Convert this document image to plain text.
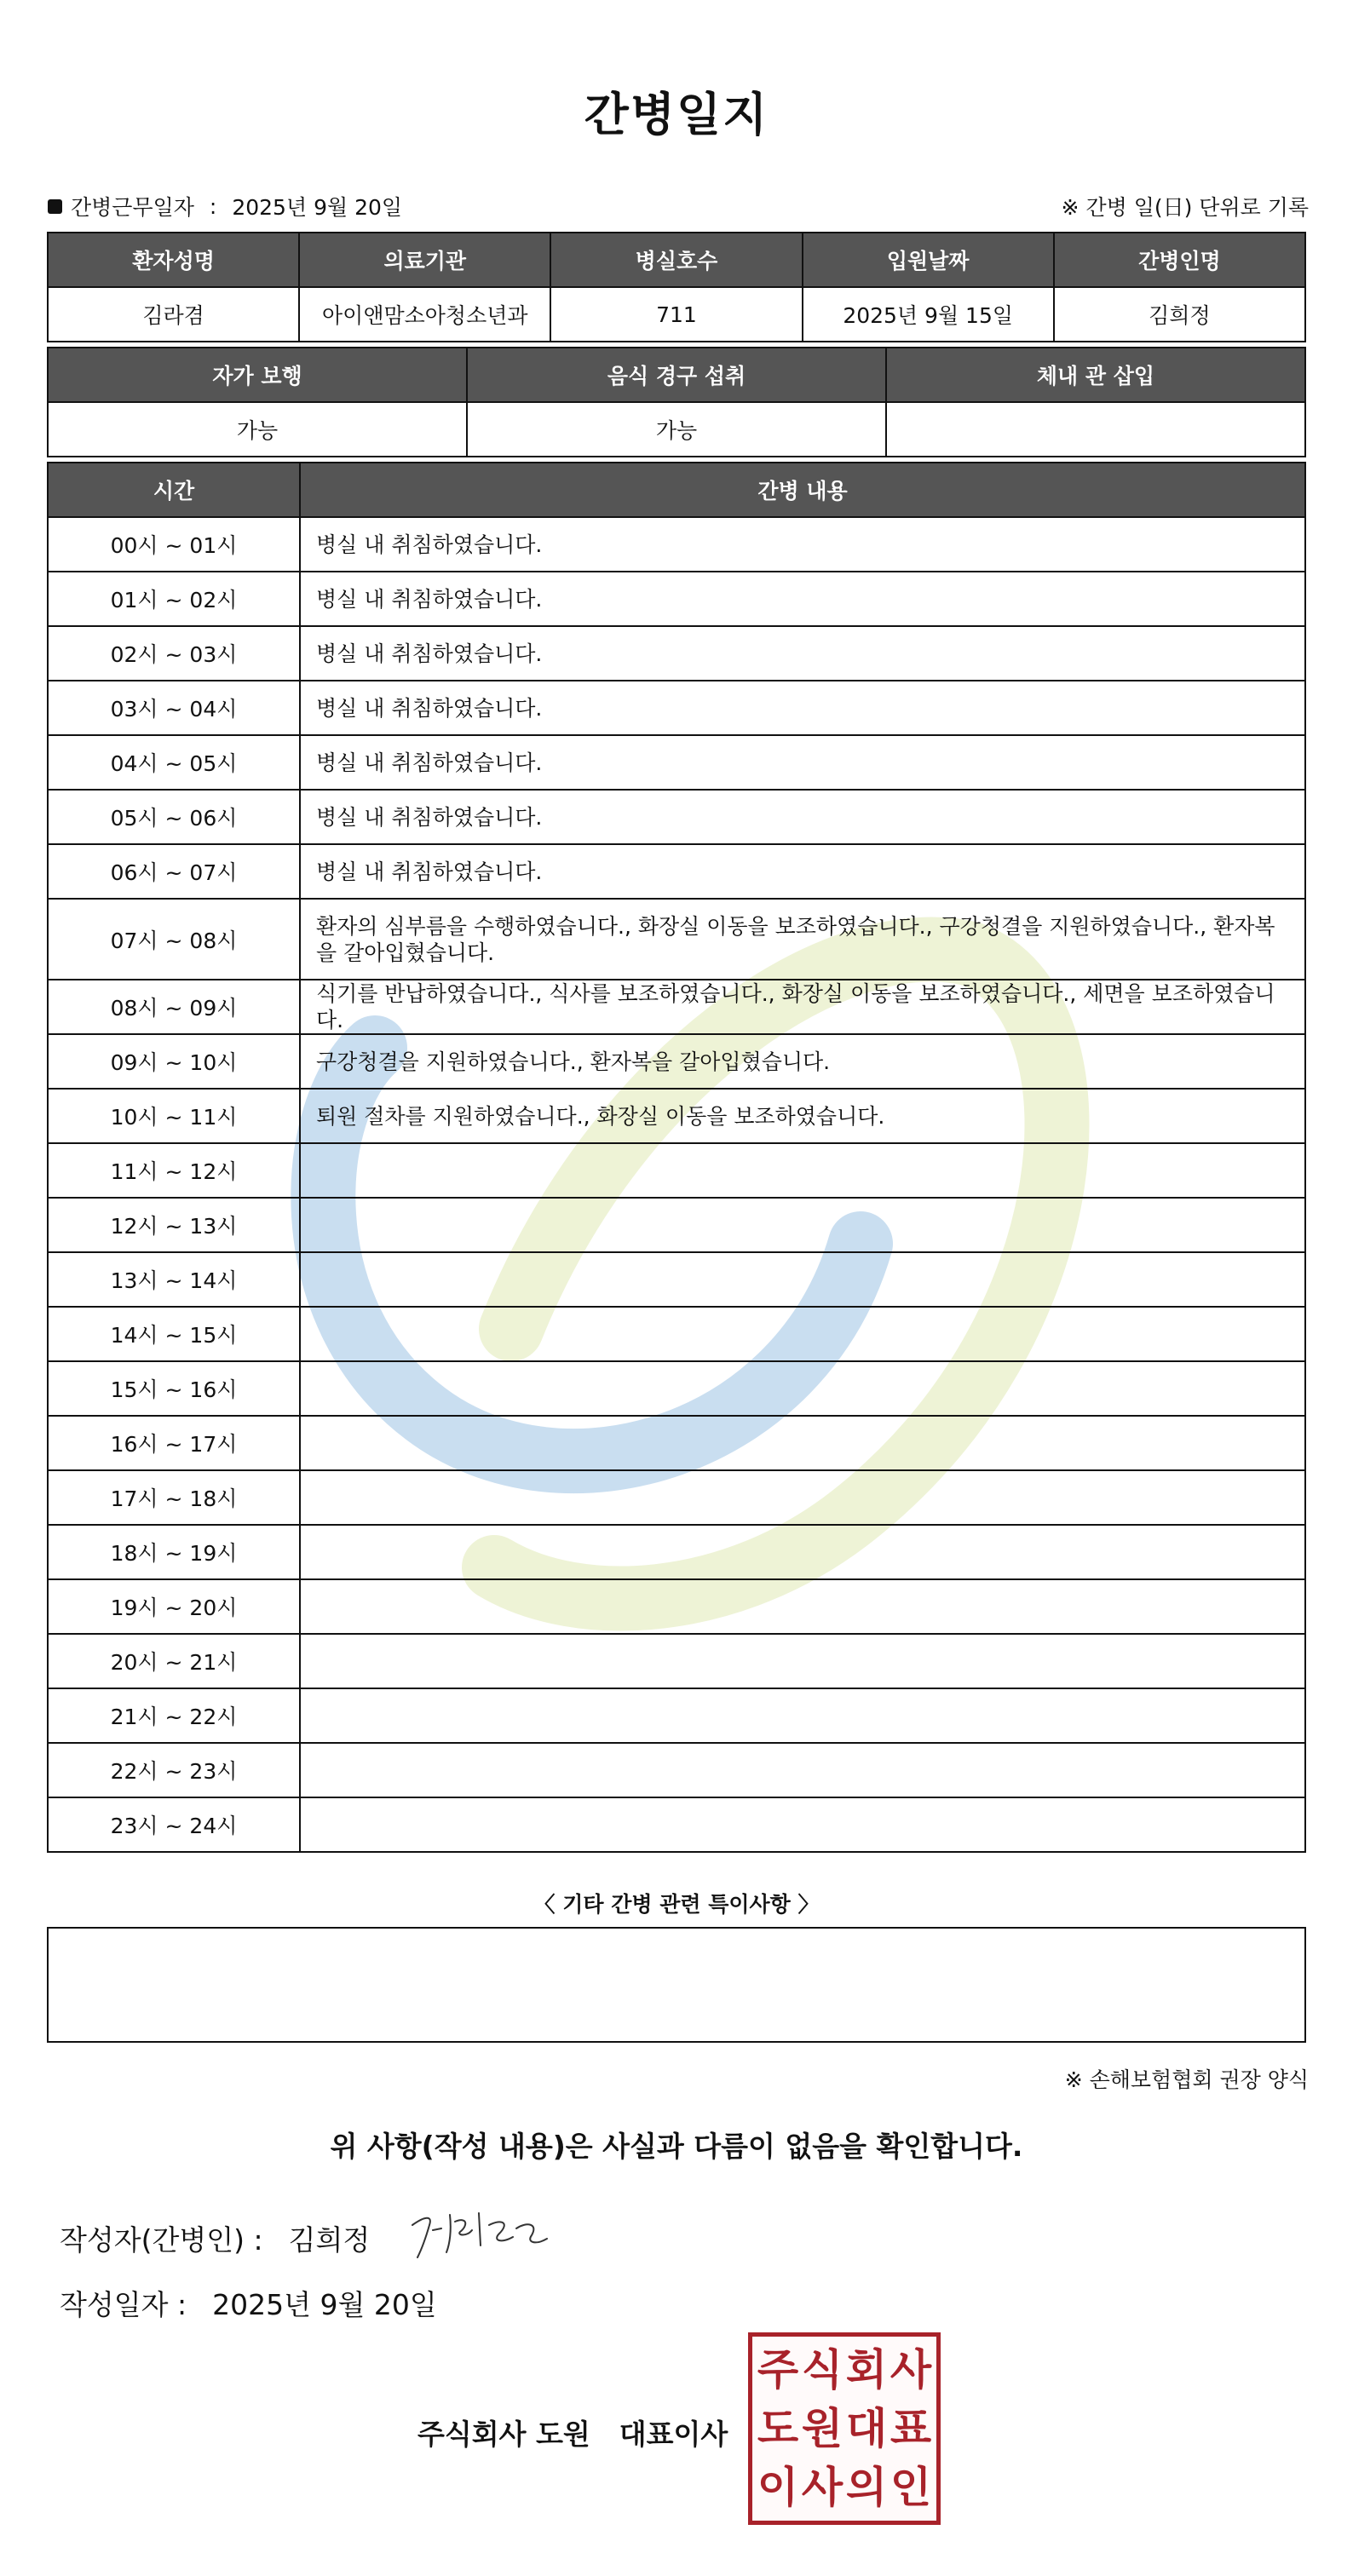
간병일지
간병근무일자 : 2025년 9월 20일	※ 간병 일(日) 단위로 기록
환자성명	의료기관	병실호수	입원날짜	간병인명
김라겸	아이앤맘소아청소년과	711	2025년 9월 15일	김희정
자가 보행	음식 경구 섭취	체내 관 삽입
가능	가능	
시간	간병 내용
00시 ~ 01시	병실 내 취침하였습니다.
01시 ~ 02시	병실 내 취침하였습니다.
02시 ~ 03시	병실 내 취침하였습니다.
03시 ~ 04시	병실 내 취침하였습니다.
04시 ~ 05시	병실 내 취침하였습니다.
05시 ~ 06시	병실 내 취침하였습니다.
06시 ~ 07시	병실 내 취침하였습니다.
07시 ~ 08시	환자의 심부름을 수행하였습니다., 화장실 이동을 보조하였습니다., 구강청결을 지원하였습니다., 환자복을 갈아입혔습니다.
08시 ~ 09시	식기를 반납하였습니다., 식사를 보조하였습니다., 화장실 이동을 보조하였습니다., 세면을 보조하였습니다.
09시 ~ 10시	구강청결을 지원하였습니다., 환자복을 갈아입혔습니다.
10시 ~ 11시	퇴원 절차를 지원하였습니다., 화장실 이동을 보조하였습니다.
11시 ~ 12시	
12시 ~ 13시	
13시 ~ 14시	
14시 ~ 15시	
15시 ~ 16시	
16시 ~ 17시	
17시 ~ 18시	
18시 ~ 19시	
19시 ~ 20시	
20시 ~ 21시	
21시 ~ 22시	
22시 ~ 23시	
23시 ~ 24시	
〈 기타 간병 관련 특이사항 〉
※ 손해보험협회 권장 양식
위 사항(작성 내용)은 사실과 다름이 없음을 확인합니다.
작성자(간병인) : 김희정
작성일자 : 2025년 9월 20일
주식회사 도원 대표이사
주 식 회 사
도 원 대 표
이 사 의 인
